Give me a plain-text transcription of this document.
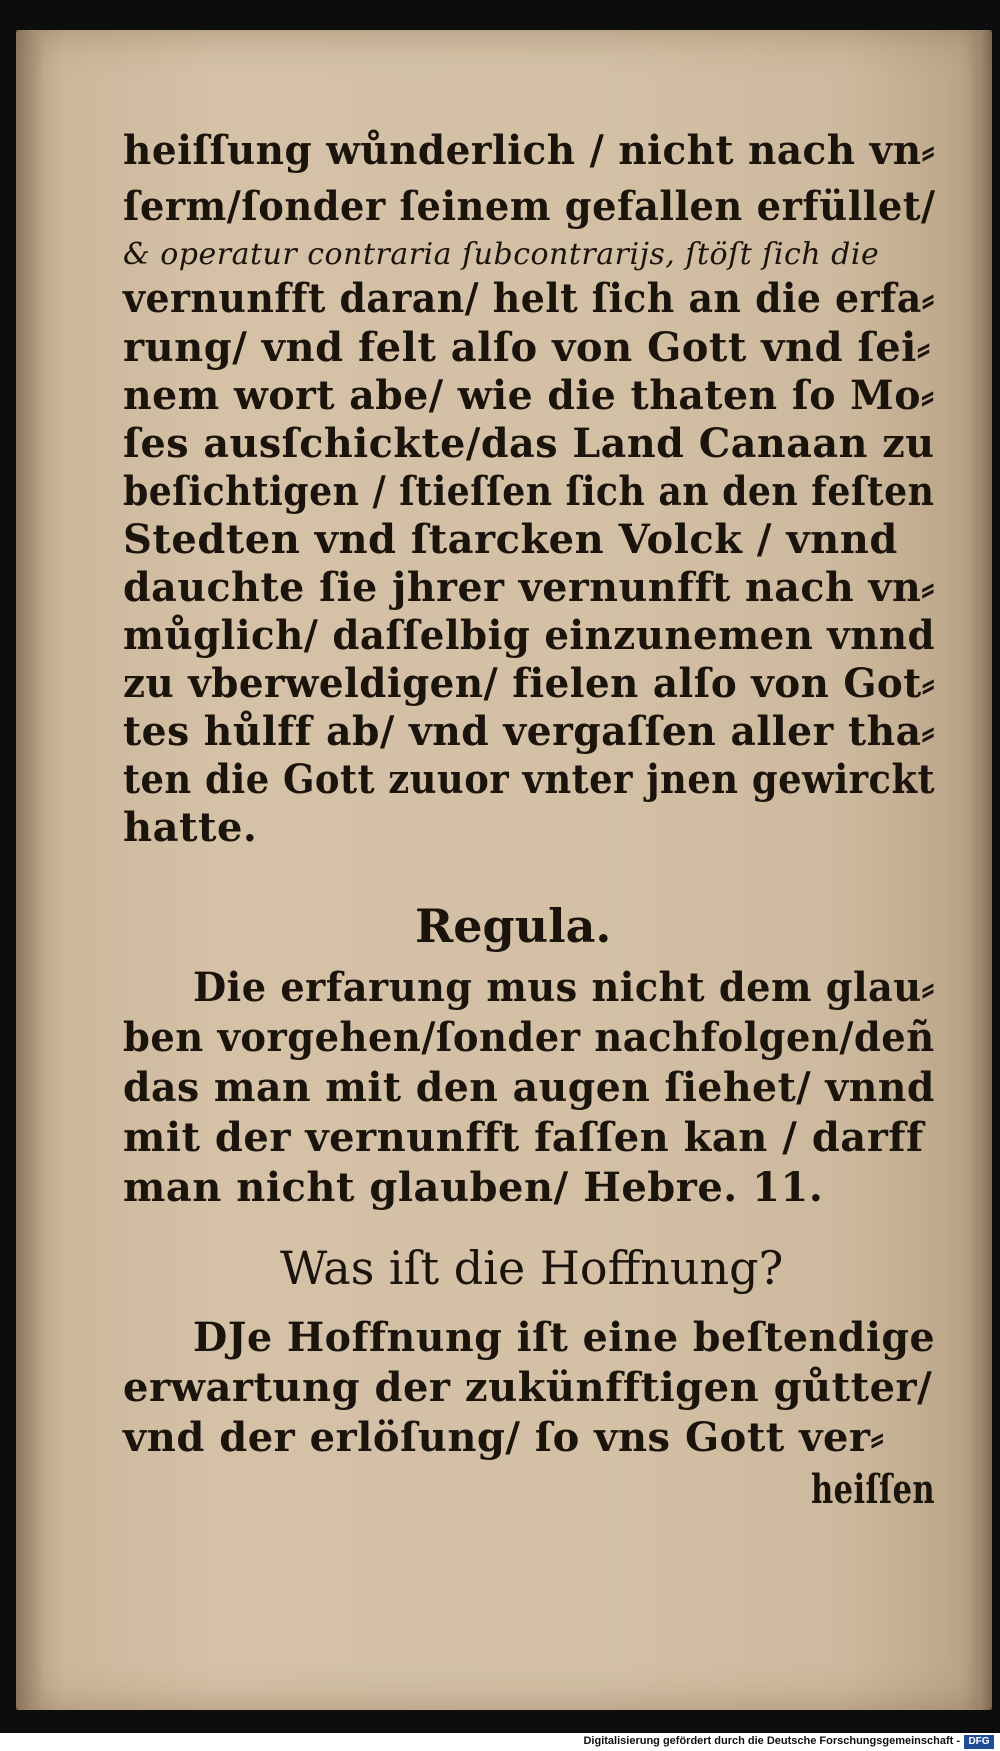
heiſſung wůnderlich / nicht nach vn⸗
ſerm/ſonder ſeinem gefallen erfüllet/
& operatur contraria ſubcontrarijs, ſtöſt ſich die
vernunfft daran/ helt ſich an die erfa⸗
rung/ vnd felt alſo von Gott vnd ſei⸗
nem wort abe/ wie die thaten ſo Mo⸗
ſes ausſchickte/das Land Canaan zu
beſichtigen / ſtieſſen ſich an den feſten
Stedten vnd ſtarcken Volck / vnnd
dauchte ſie jhrer vernunfft nach vn⸗
můglich/ daſſelbig einzunemen vnnd
zu vberweldigen/ fielen alſo von Got⸗
tes hůlff ab/ vnd vergaſſen aller tha⸗
ten die Gott zuuor vnter jnen gewirckt
hatte.
Regula.
Die erfarung mus nicht dem glau⸗
ben vorgehen/ſonder nachfolgen/deñ
das man mit den augen ſiehet/ vnnd
mit der vernunfft faſſen kan / darff
man nicht glauben/ Hebre. 11.
Was iſt die Hoffnung?
DJe Hoffnung iſt eine beſtendige
erwartung der zukünfftigen gůtter/
vnd der erlöſung/ ſo vns Gott ver⸗
heiſſen
Digitalisierung gefördert durch die Deutsche Forschungsgemeinschaft - DFG
